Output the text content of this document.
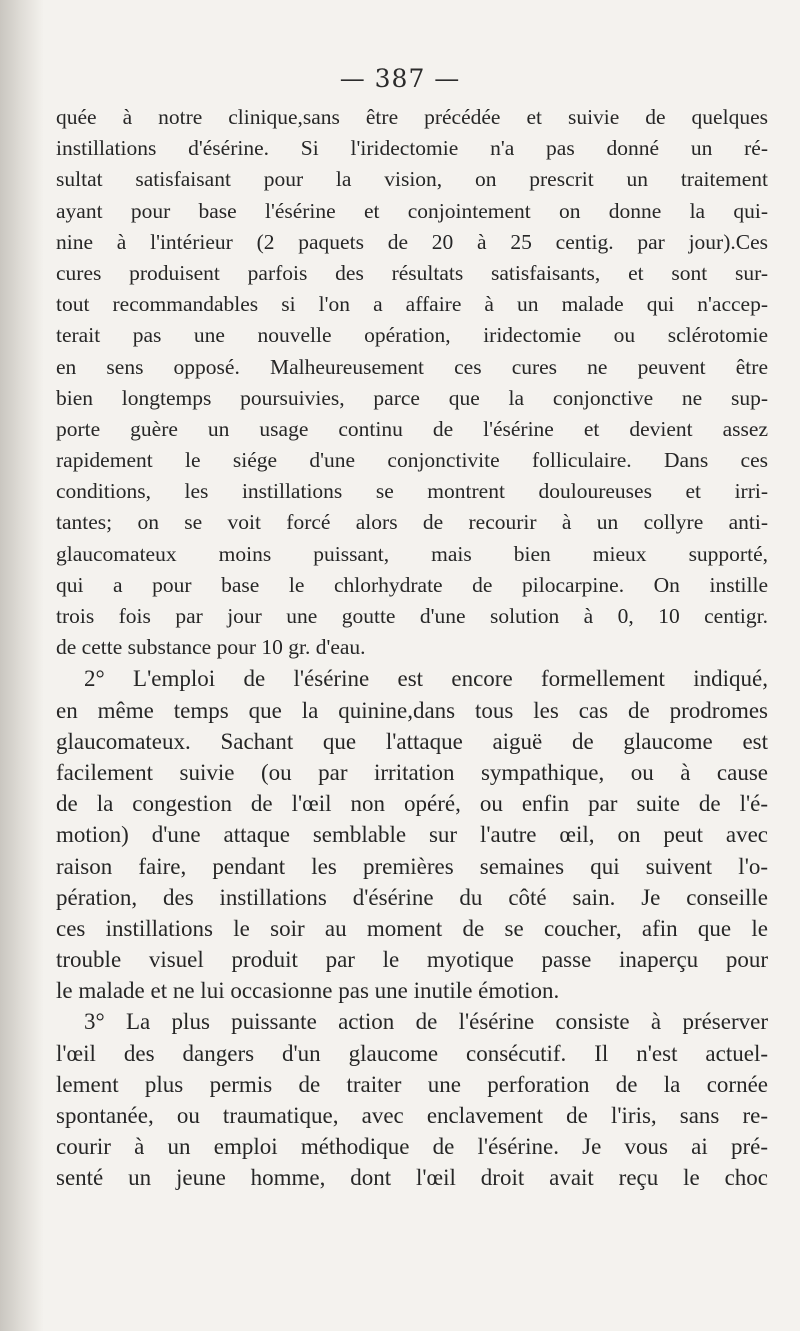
— 387 —
quée à notre clinique,sans être précédée et suivie de quelques
instillations d'ésérine. Si l'iridectomie n'a pas donné un ré-
sultat satisfaisant pour la vision, on prescrit un traitement
ayant pour base l'ésérine et conjointement on donne la qui-
nine à l'intérieur (2 paquets de 20 à 25 centig. par jour).Ces
cures produisent parfois des résultats satisfaisants, et sont sur-
tout recommandables si l'on a affaire à un malade qui n'accep-
terait pas une nouvelle opération, iridectomie ou sclérotomie
en sens opposé. Malheureusement ces cures ne peuvent être
bien longtemps poursuivies, parce que la conjonctive ne sup-
porte guère un usage continu de l'ésérine et devient assez
rapidement le siége d'une conjonctivite folliculaire. Dans ces
conditions, les instillations se montrent douloureuses et irri-
tantes; on se voit forcé alors de recourir à un collyre anti-
glaucomateux moins puissant, mais bien mieux supporté,
qui a pour base le chlorhydrate de pilocarpine. On instille
trois fois par jour une goutte d'une solution à 0, 10 centigr.
de cette substance pour 10 gr. d'eau.
2° L'emploi de l'ésérine est encore formellement indiqué,
en même temps que la quinine,dans tous les cas de prodromes
glaucomateux. Sachant que l'attaque aiguë de glaucome est
facilement suivie (ou par irritation sympathique, ou à cause
de la congestion de l'œil non opéré, ou enfin par suite de l'é-
motion) d'une attaque semblable sur l'autre œil, on peut avec
raison faire, pendant les premières semaines qui suivent l'o-
pération, des instillations d'ésérine du côté sain. Je conseille
ces instillations le soir au moment de se coucher, afin que le
trouble visuel produit par le myotique passe inaperçu pour
le malade et ne lui occasionne pas une inutile émotion.
3° La plus puissante action de l'ésérine consiste à préserver
l'œil des dangers d'un glaucome consécutif. Il n'est actuel-
lement plus permis de traiter une perforation de la cornée
spontanée, ou traumatique, avec enclavement de l'iris, sans re-
courir à un emploi méthodique de l'ésérine. Je vous ai pré-
senté un jeune homme, dont l'œil droit avait reçu le choc
